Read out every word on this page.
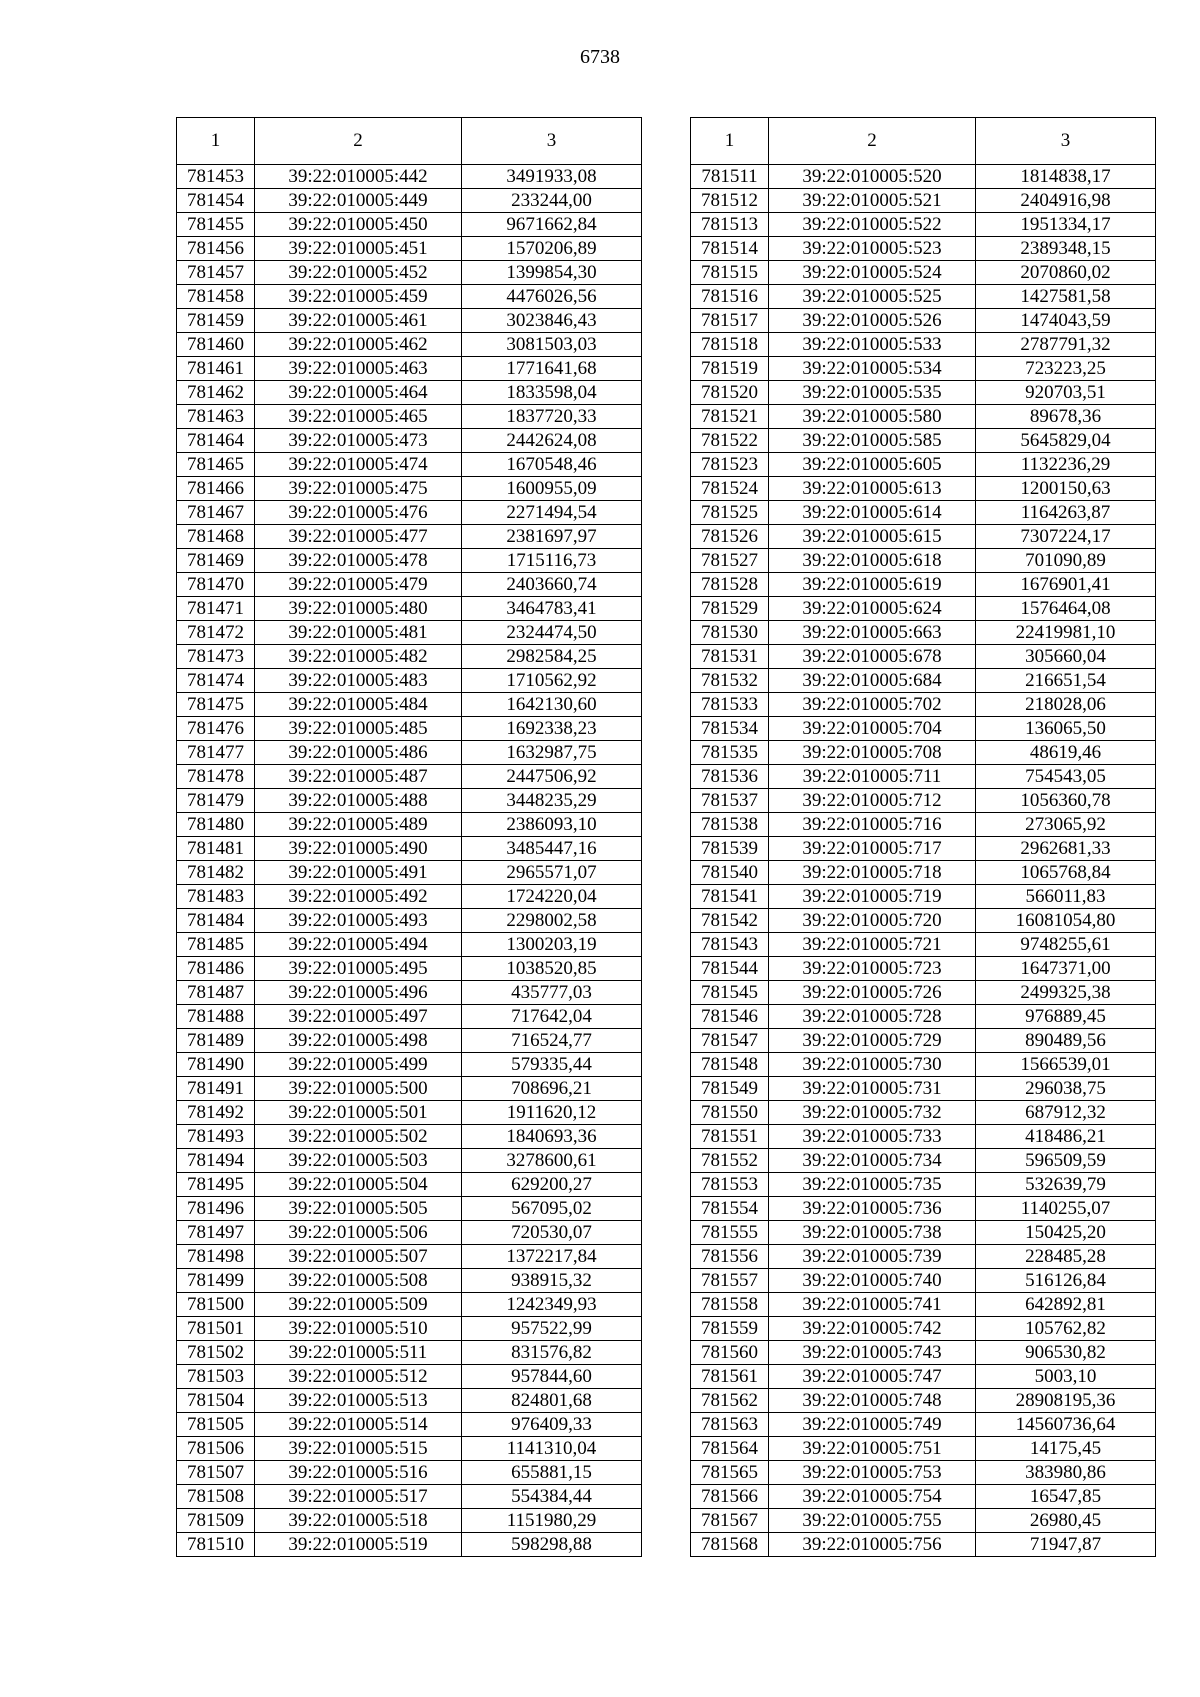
6738
1	2	3
781453	39:22:010005:442	3491933,08
781454	39:22:010005:449	233244,00
781455	39:22:010005:450	9671662,84
781456	39:22:010005:451	1570206,89
781457	39:22:010005:452	1399854,30
781458	39:22:010005:459	4476026,56
781459	39:22:010005:461	3023846,43
781460	39:22:010005:462	3081503,03
781461	39:22:010005:463	1771641,68
781462	39:22:010005:464	1833598,04
781463	39:22:010005:465	1837720,33
781464	39:22:010005:473	2442624,08
781465	39:22:010005:474	1670548,46
781466	39:22:010005:475	1600955,09
781467	39:22:010005:476	2271494,54
781468	39:22:010005:477	2381697,97
781469	39:22:010005:478	1715116,73
781470	39:22:010005:479	2403660,74
781471	39:22:010005:480	3464783,41
781472	39:22:010005:481	2324474,50
781473	39:22:010005:482	2982584,25
781474	39:22:010005:483	1710562,92
781475	39:22:010005:484	1642130,60
781476	39:22:010005:485	1692338,23
781477	39:22:010005:486	1632987,75
781478	39:22:010005:487	2447506,92
781479	39:22:010005:488	3448235,29
781480	39:22:010005:489	2386093,10
781481	39:22:010005:490	3485447,16
781482	39:22:010005:491	2965571,07
781483	39:22:010005:492	1724220,04
781484	39:22:010005:493	2298002,58
781485	39:22:010005:494	1300203,19
781486	39:22:010005:495	1038520,85
781487	39:22:010005:496	435777,03
781488	39:22:010005:497	717642,04
781489	39:22:010005:498	716524,77
781490	39:22:010005:499	579335,44
781491	39:22:010005:500	708696,21
781492	39:22:010005:501	1911620,12
781493	39:22:010005:502	1840693,36
781494	39:22:010005:503	3278600,61
781495	39:22:010005:504	629200,27
781496	39:22:010005:505	567095,02
781497	39:22:010005:506	720530,07
781498	39:22:010005:507	1372217,84
781499	39:22:010005:508	938915,32
781500	39:22:010005:509	1242349,93
781501	39:22:010005:510	957522,99
781502	39:22:010005:511	831576,82
781503	39:22:010005:512	957844,60
781504	39:22:010005:513	824801,68
781505	39:22:010005:514	976409,33
781506	39:22:010005:515	1141310,04
781507	39:22:010005:516	655881,15
781508	39:22:010005:517	554384,44
781509	39:22:010005:518	1151980,29
781510	39:22:010005:519	598298,88
1	2	3
781511	39:22:010005:520	1814838,17
781512	39:22:010005:521	2404916,98
781513	39:22:010005:522	1951334,17
781514	39:22:010005:523	2389348,15
781515	39:22:010005:524	2070860,02
781516	39:22:010005:525	1427581,58
781517	39:22:010005:526	1474043,59
781518	39:22:010005:533	2787791,32
781519	39:22:010005:534	723223,25
781520	39:22:010005:535	920703,51
781521	39:22:010005:580	89678,36
781522	39:22:010005:585	5645829,04
781523	39:22:010005:605	1132236,29
781524	39:22:010005:613	1200150,63
781525	39:22:010005:614	1164263,87
781526	39:22:010005:615	7307224,17
781527	39:22:010005:618	701090,89
781528	39:22:010005:619	1676901,41
781529	39:22:010005:624	1576464,08
781530	39:22:010005:663	22419981,10
781531	39:22:010005:678	305660,04
781532	39:22:010005:684	216651,54
781533	39:22:010005:702	218028,06
781534	39:22:010005:704	136065,50
781535	39:22:010005:708	48619,46
781536	39:22:010005:711	754543,05
781537	39:22:010005:712	1056360,78
781538	39:22:010005:716	273065,92
781539	39:22:010005:717	2962681,33
781540	39:22:010005:718	1065768,84
781541	39:22:010005:719	566011,83
781542	39:22:010005:720	16081054,80
781543	39:22:010005:721	9748255,61
781544	39:22:010005:723	1647371,00
781545	39:22:010005:726	2499325,38
781546	39:22:010005:728	976889,45
781547	39:22:010005:729	890489,56
781548	39:22:010005:730	1566539,01
781549	39:22:010005:731	296038,75
781550	39:22:010005:732	687912,32
781551	39:22:010005:733	418486,21
781552	39:22:010005:734	596509,59
781553	39:22:010005:735	532639,79
781554	39:22:010005:736	1140255,07
781555	39:22:010005:738	150425,20
781556	39:22:010005:739	228485,28
781557	39:22:010005:740	516126,84
781558	39:22:010005:741	642892,81
781559	39:22:010005:742	105762,82
781560	39:22:010005:743	906530,82
781561	39:22:010005:747	5003,10
781562	39:22:010005:748	28908195,36
781563	39:22:010005:749	14560736,64
781564	39:22:010005:751	14175,45
781565	39:22:010005:753	383980,86
781566	39:22:010005:754	16547,85
781567	39:22:010005:755	26980,45
781568	39:22:010005:756	71947,87
